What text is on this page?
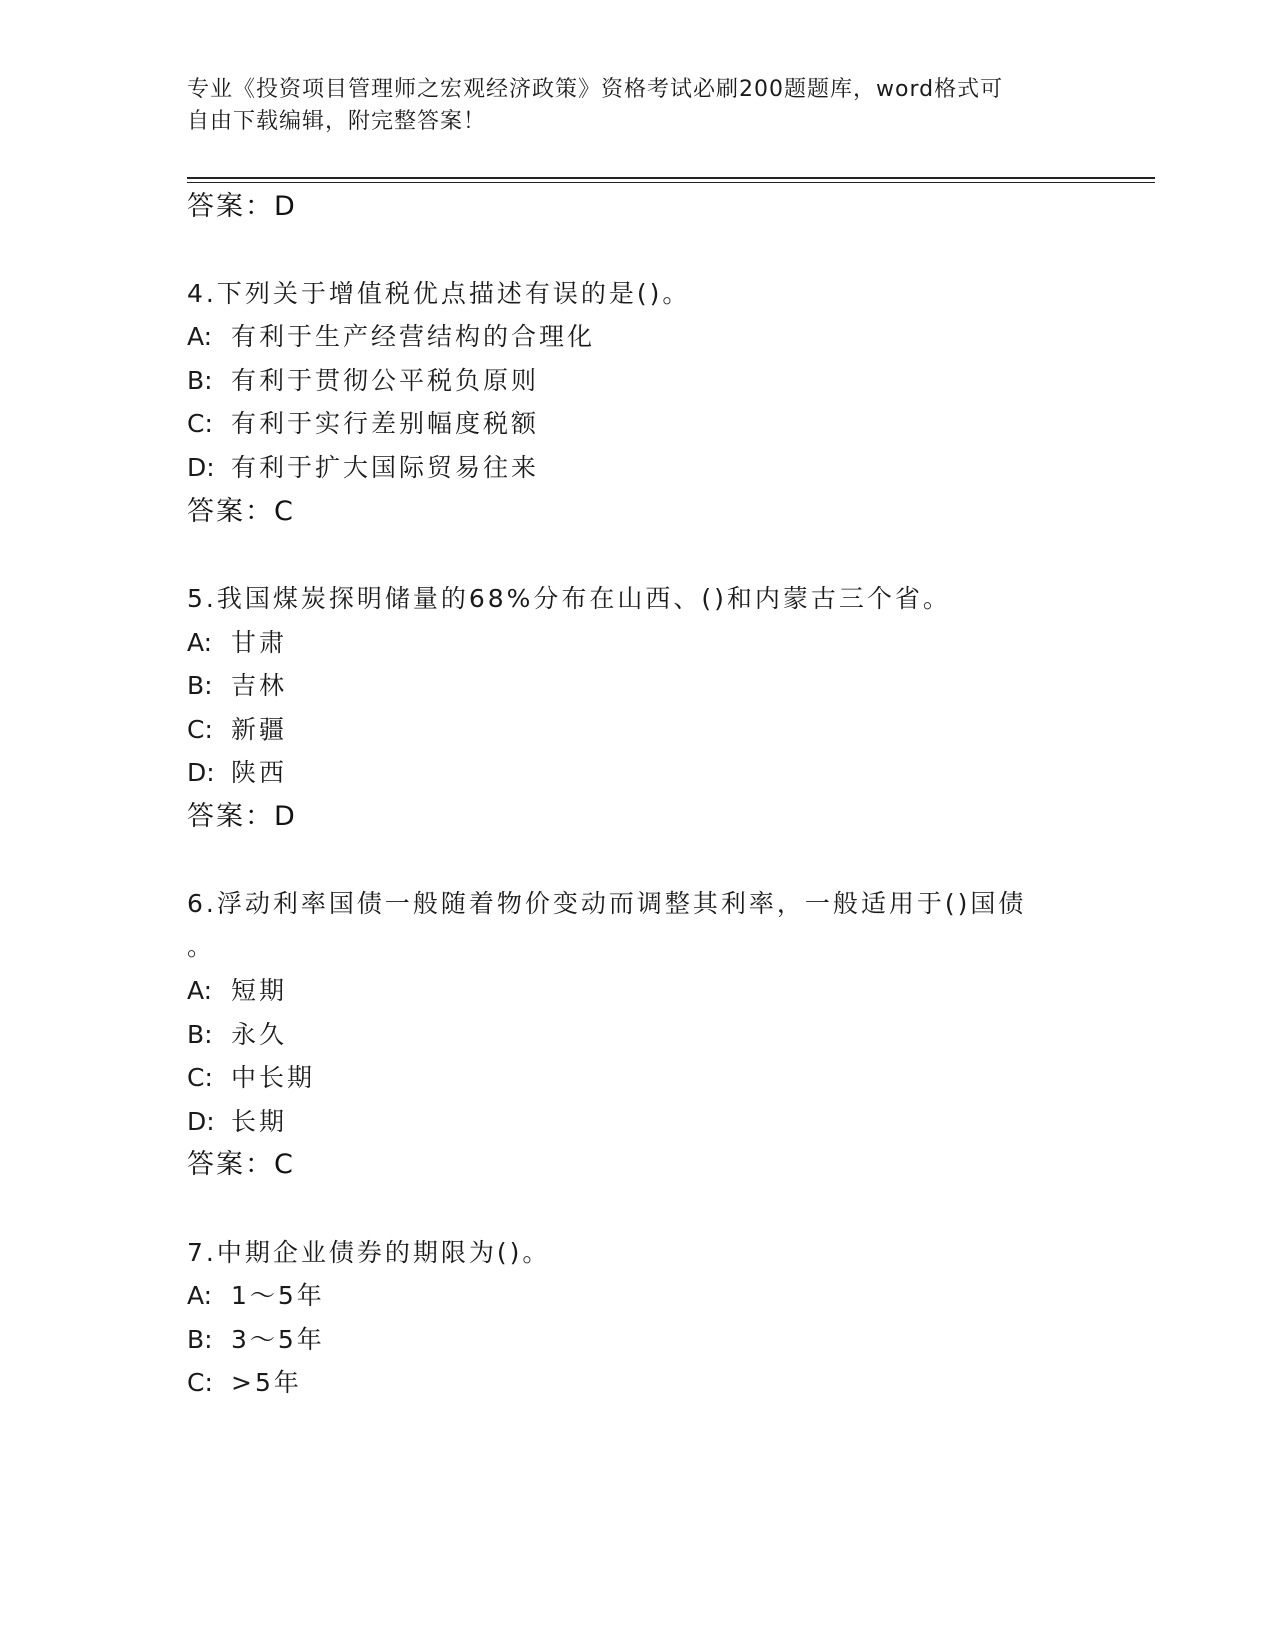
专业《投资项目管理师之宏观经济政策》资格考试必刷200题题库，word格式可
自由下载编辑，附完整答案！
答案：D
4.下列关于增值税优点描述有误的是()。
A: 有利于生产经营结构的合理化
B: 有利于贯彻公平税负原则
C: 有利于实行差别幅度税额
D: 有利于扩大国际贸易往来
答案：C
5.我国煤炭探明储量的68%分布在山西、()和内蒙古三个省。
A: 甘肃
B: 吉林
C: 新疆
D: 陕西
答案：D
6.浮动利率国债一般随着物价变动而调整其利率，一般适用于()国债
。
A: 短期
B: 永久
C: 中长期
D: 长期
答案：C
7.中期企业债券的期限为()。
A: 1～5年
B: 3～5年
C: >5年
